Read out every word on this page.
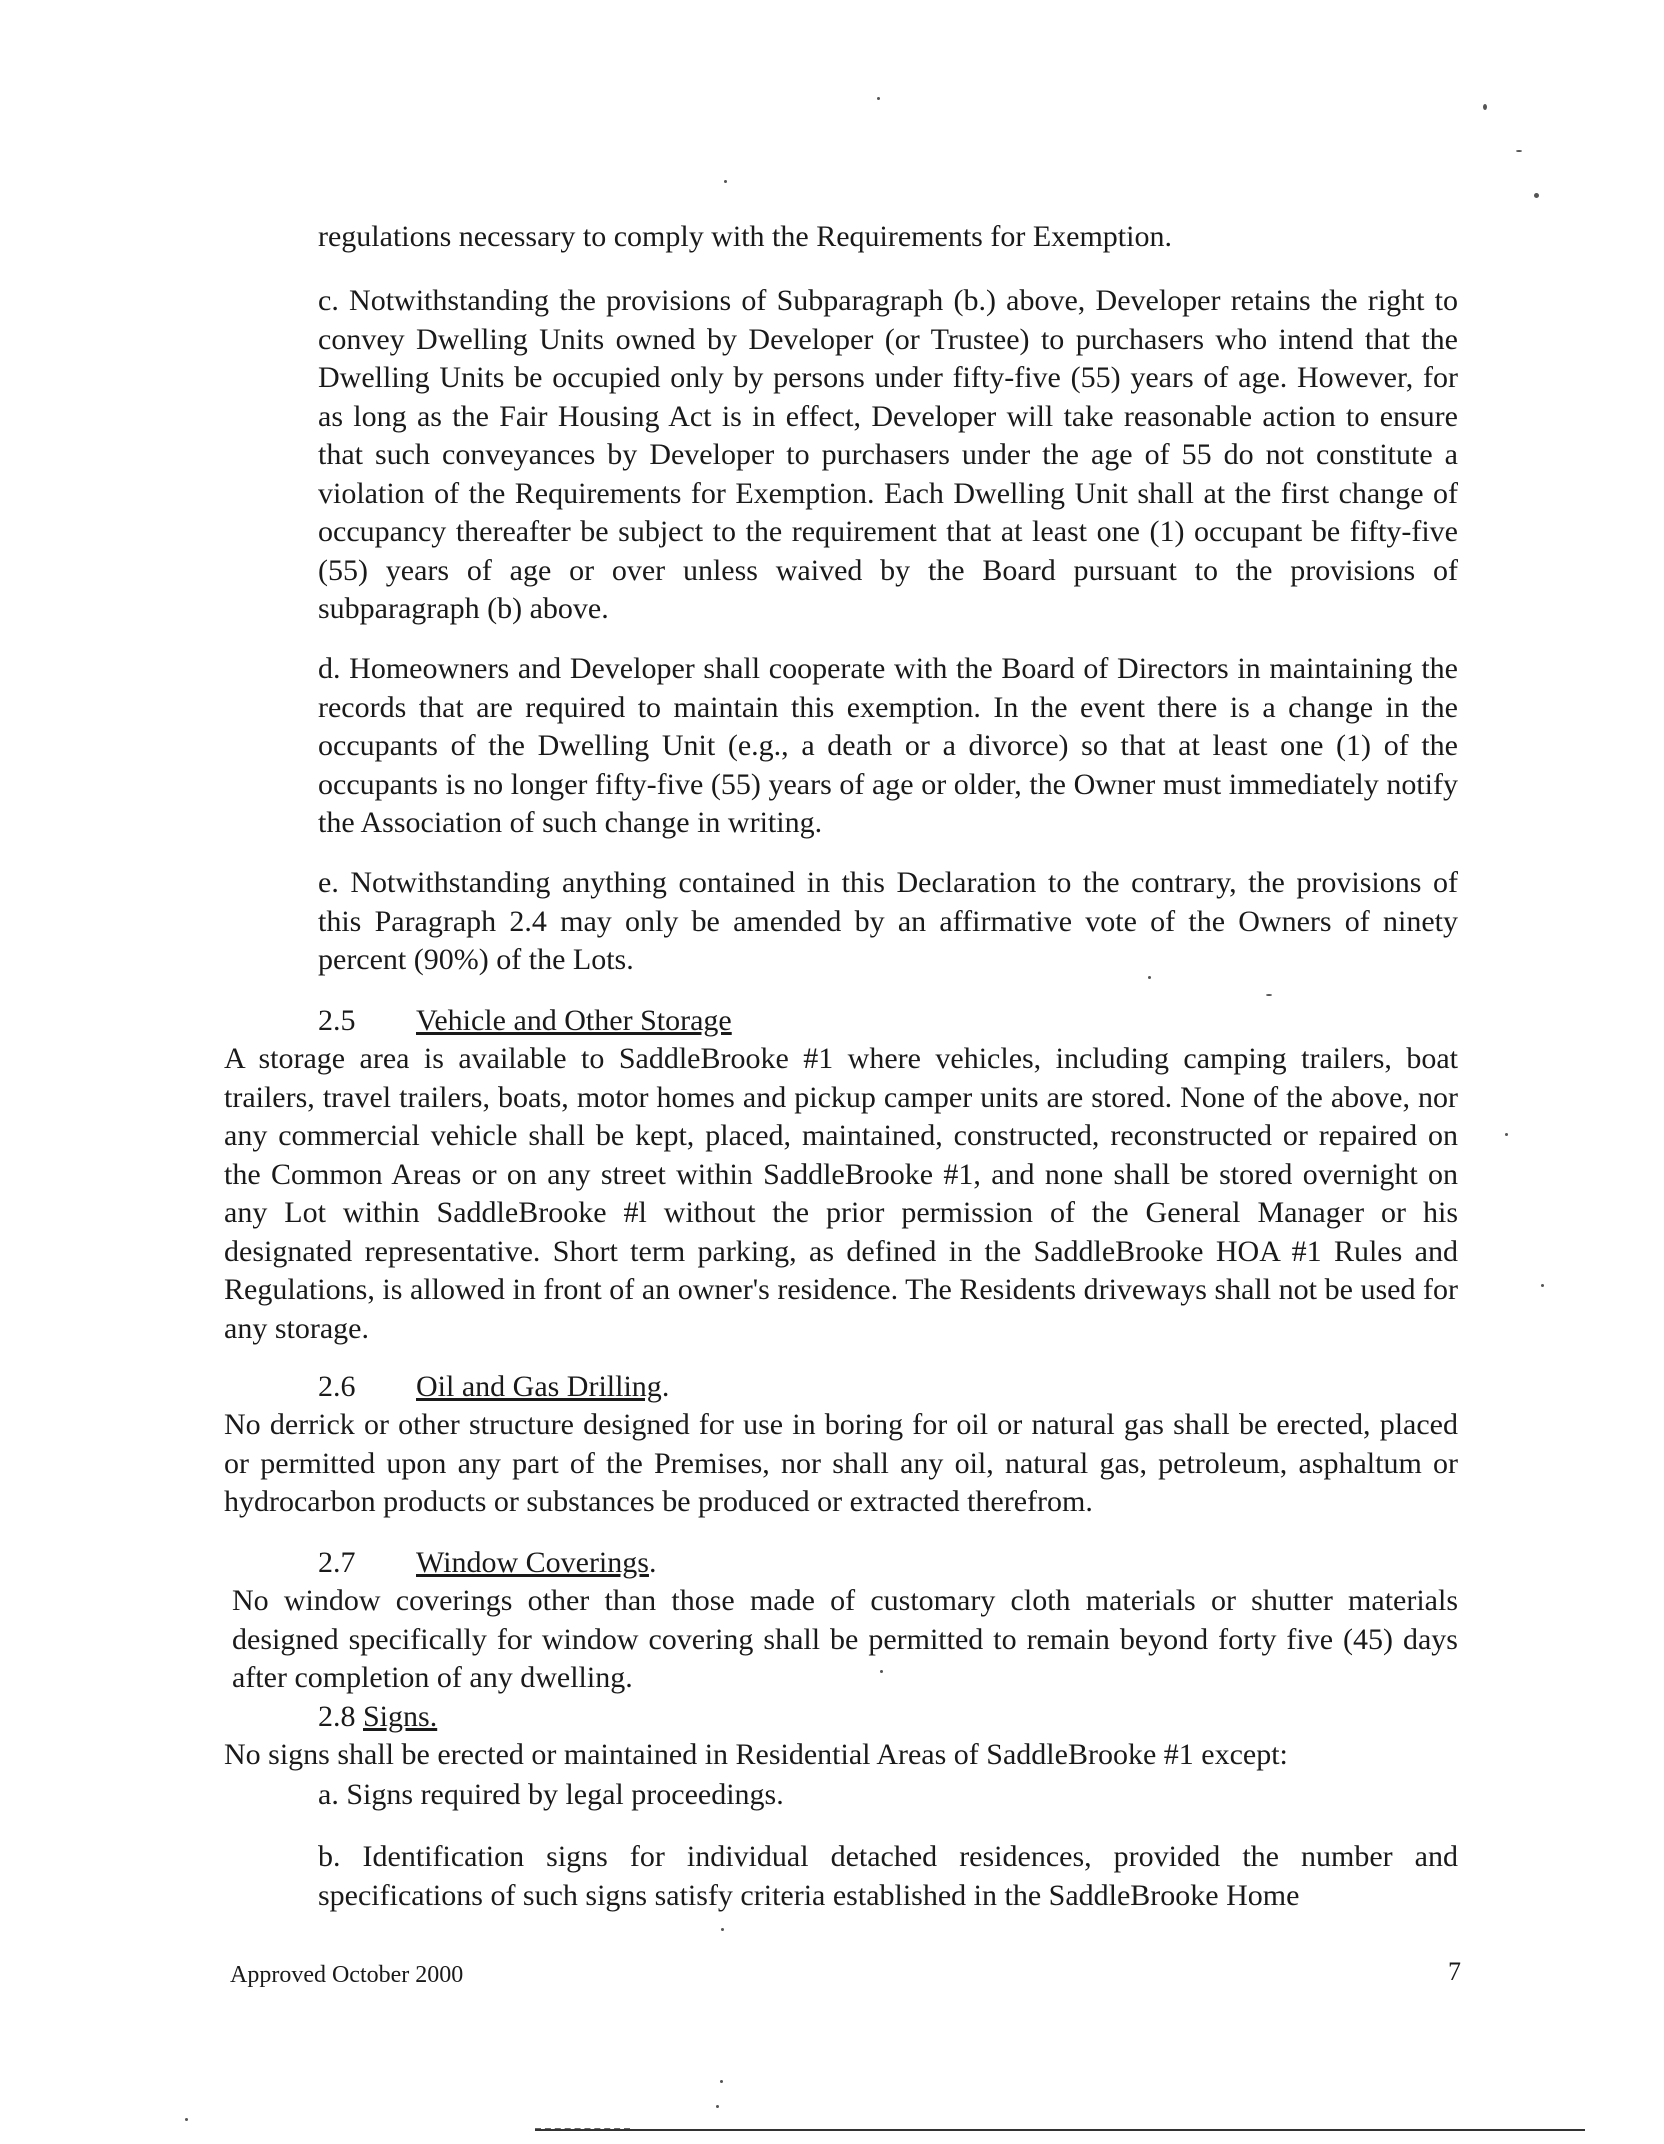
regulations necessary to comply with the Requirements for Exemption.

c. Notwithstanding the provisions of Subparagraph (b.) above, Developer retains the right to convey Dwelling Units owned by Developer (or Trustee) to purchasers who intend that the Dwelling Units be occupied only by persons under fifty-five (55) years of age. However, for as long as the Fair Housing Act is in effect, Developer will take reasonable action to ensure that such conveyances by Developer to purchasers under the age of 55 do not constitute a violation of the Requirements for Exemption. Each Dwelling Unit shall at the first change of occupancy thereafter be subject to the requirement that at least one (1) occupant be fifty-five (55) years of age or over unless waived by the Board pursuant to the provisions of subparagraph (b) above.

d. Homeowners and Developer shall cooperate with the Board of Directors in maintaining the records that are required to maintain this exemption. In the event there is a change in the occupants of the Dwelling Unit (e.g., a death or a divorce) so that at least one (1) of the occupants is no longer fifty-five (55) years of age or older, the Owner must immediately notify the Association of such change in writing.

e. Notwithstanding anything contained in this Declaration to the contrary, the provisions of this Paragraph 2.4 may only be amended by an affirmative vote of the Owners of ninety percent (90%) of the Lots.

2.5 Vehicle and Other Storage

A storage area is available to SaddleBrooke #1 where vehicles, including camping trailers, boat trailers, travel trailers, boats, motor homes and pickup camper units are stored. None of the above, nor any commercial vehicle shall be kept, placed, maintained, constructed, reconstructed or repaired on the Common Areas or on any street within SaddleBrooke #1, and none shall be stored overnight on any Lot within SaddleBrooke #l without the prior permission of the General Manager or his designated representative. Short term parking, as defined in the SaddleBrooke HOA #1 Rules and Regulations, is allowed in front of an owner's residence. The Residents driveways shall not be used for any storage.

2.6 Oil and Gas Drilling.

No derrick or other structure designed for use in boring for oil or natural gas shall be erected, placed or permitted upon any part of the Premises, nor shall any oil, natural gas, petroleum, asphaltum or hydrocarbon products or substances be produced or extracted therefrom.

2.7 Window Coverings.

No window coverings other than those made of customary cloth materials or shutter materials designed specifically for window covering shall be permitted to remain beyond forty five (45) days after completion of any dwelling.

2.8 Signs.

No signs shall be erected or maintained in Residential Areas of SaddleBrooke #1 except:

a. Signs required by legal proceedings.

b. Identification signs for individual detached residences, provided the number and specifications of such signs satisfy criteria established in the SaddleBrooke Home

Approved October 2000	7
